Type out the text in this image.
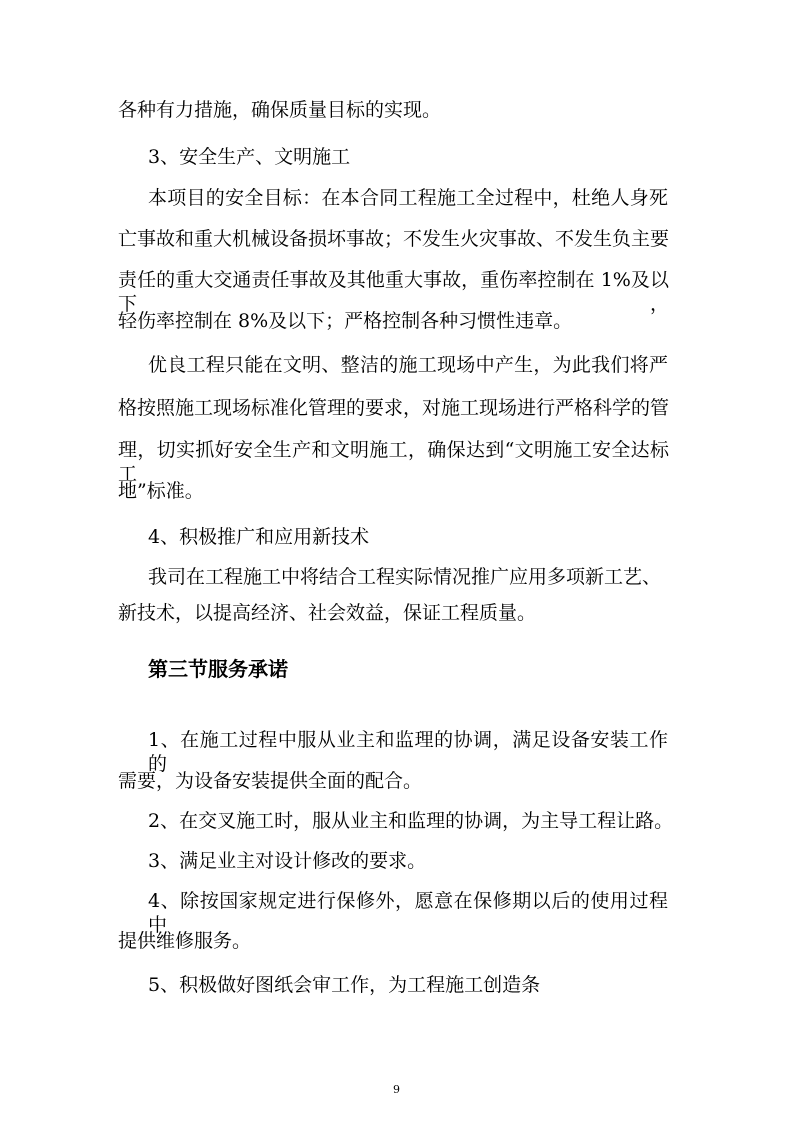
各种有力措施，确保质量目标的实现。
3、安全生产、文明施工
本项目的安全目标：在本合同工程施工全过程中，杜绝人身死
亡事故和重大机械设备损坏事故；不发生火灾事故、不发生负主要
责任的重大交通责任事故及其他重大事故，重伤率控制在 1%及以下，
轻伤率控制在 8%及以下；严格控制各种习惯性违章。
优良工程只能在文明、整洁的施工现场中产生，为此我们将严
格按照施工现场标准化管理的要求，对施工现场进行严格科学的管
理，切实抓好安全生产和文明施工，确保达到“文明施工安全达标工
地”标准。
4、积极推广和应用新技术
我司在工程施工中将结合工程实际情况推广应用多项新工艺、
新技术，以提高经济、社会效益，保证工程质量。
第三节服务承诺
1、在施工过程中服从业主和监理的协调，满足设备安装工作的
需要，为设备安装提供全面的配合。
2、在交叉施工时，服从业主和监理的协调，为主导工程让路。
3、满足业主对设计修改的要求。
4、除按国家规定进行保修外，愿意在保修期以后的使用过程中
提供维修服务。
5、积极做好图纸会审工作，为工程施工创造条
9
